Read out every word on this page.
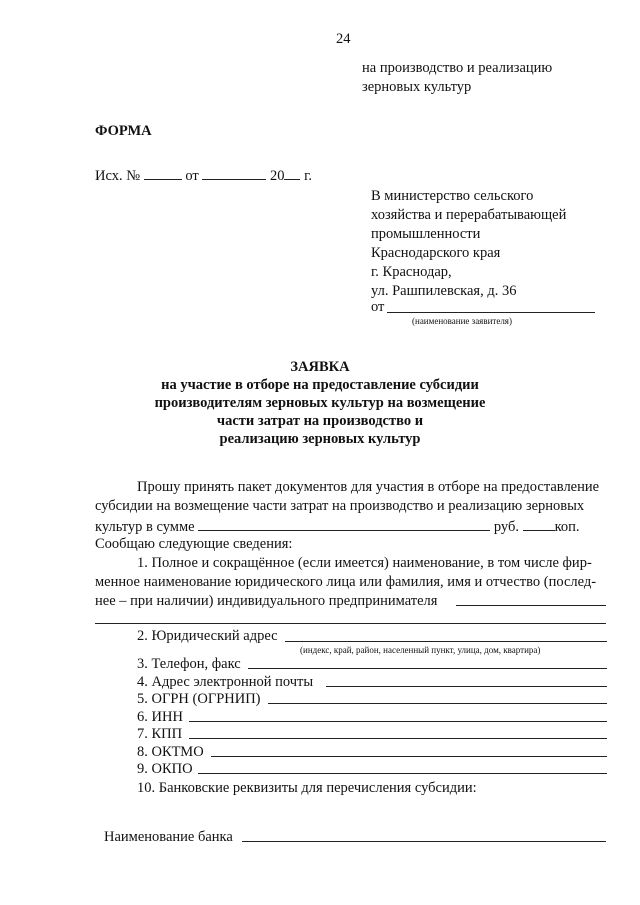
24
на производство и реализацию
зерновых культур
ФОРМА
Исх. №	от	20 г.
В министерство сельского
хозяйства и перерабатывающей
промышленности
Краснодарского края
г. Краснодар,
ул. Рашпилевская, д. 36
от
(наименование заявителя)
ЗАЯВКА
на участие в отборе на предоставление субсидии
производителям зерновых культур на возмещение
части затрат на производство и
реализацию зерновых культур
Прошу принять пакет документов для участия в отборе на предоставление
субсидии на возмещение части затрат на производство и реализацию зерновых
культур в сумме	руб. коп.
Сообщаю следующие сведения:
1. Полное и сокращённое (если имеется) наименование, в том числе фир-
менное наименование юридического лица или фамилия, имя и отчество (послед-
нее – при наличии) индивидуального предпринимателя
2. Юридический адрес
(индекс, край, район, населенный пункт, улица, дом, квартира)
3. Телефон, факс
4. Адрес электронной почты
5. ОГРН (ОГРНИП)
6. ИНН
7. КПП
8. ОКТМО
9. ОКПО
10. Банковские реквизиты для перечисления субсидии:
Наименование банка
